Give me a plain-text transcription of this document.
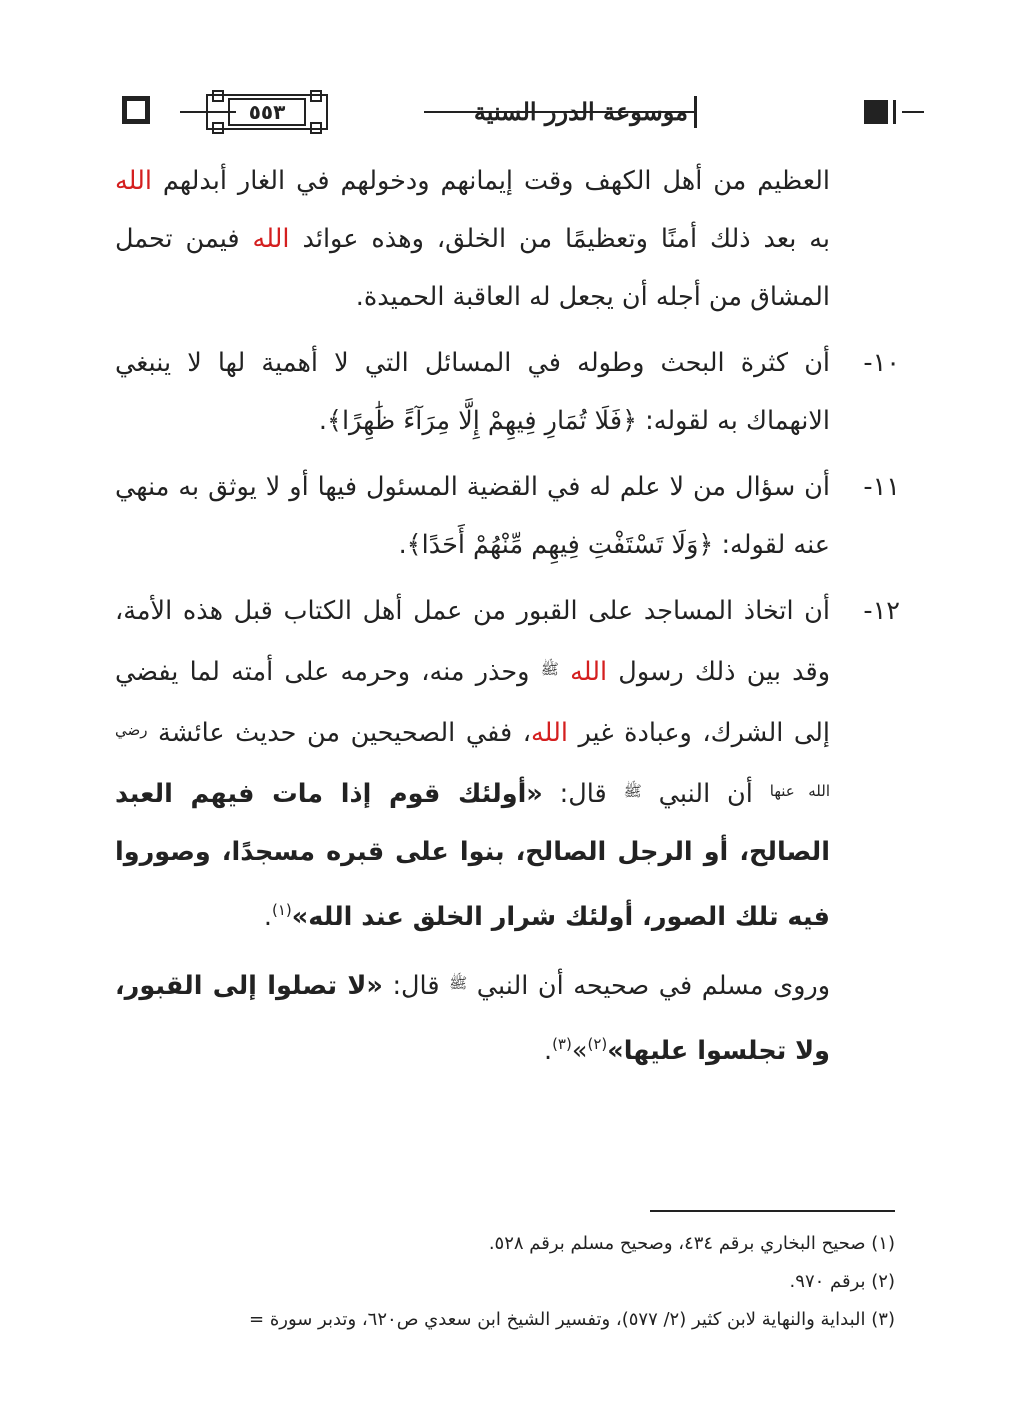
٥٥٣	موسوعة الدرر السنية

العظيم من أهل الكهف وقت إيمانهم ودخولهم في الغار أبدلهم الله به بعد ذلك أمنًا وتعظيمًا من الخلق، وهذه عوائد الله فيمن تحمل المشاق من أجله أن يجعل له العاقبة الحميدة.

١٠-
أن كثرة البحث وطوله في المسائل التي لا أهمية لها لا ينبغي الانهماك به لقوله: ﴿فَلَا تُمَارِ فِيهِمْ إِلَّا مِرَآءً ظَٰهِرًا﴾.

١١-
أن سؤال من لا علم له في القضية المسئول فيها أو لا يوثق به منهي عنه لقوله: ﴿وَلَا تَسْتَفْتِ فِيهِم مِّنْهُمْ أَحَدًا﴾.

١٢-
أن اتخاذ المساجد على القبور من عمل أهل الكتاب قبل هذه الأمة، وقد بين ذلك رسول الله $^ﷺ$ وحذر منه، وحرمه على أمته لما يفضي إلى الشرك، وعبادة غير الله، ففي الصحيحين من حديث عائشة $^{رضي الله عنها}$ أن النبي $^ﷺ$ قال: «أولئك قوم إذا مات فيهم العبد الصالح، أو الرجل الصالح، بنوا على قبره مسجدًا، وصوروا فيه تلك الصور، أولئك شرار الخلق عند الله»$^{(١)}$.

وروى مسلم في صحيحه أن النبي $^ﷺ$ قال: «لا تصلوا إلى القبور، ولا تجلسوا عليها»$^{(٢)}$»$^{(٣)}$.

(١) صحيح البخاري برقم ٤٣٤، وصحيح مسلم برقم ٥٢٨.

(٢) برقم ٩٧٠.

(٣) البداية والنهاية لابن كثير (٢/ ٥٧٧)، وتفسير الشيخ ابن سعدي ص٦٢٠، وتدبر سورة =
